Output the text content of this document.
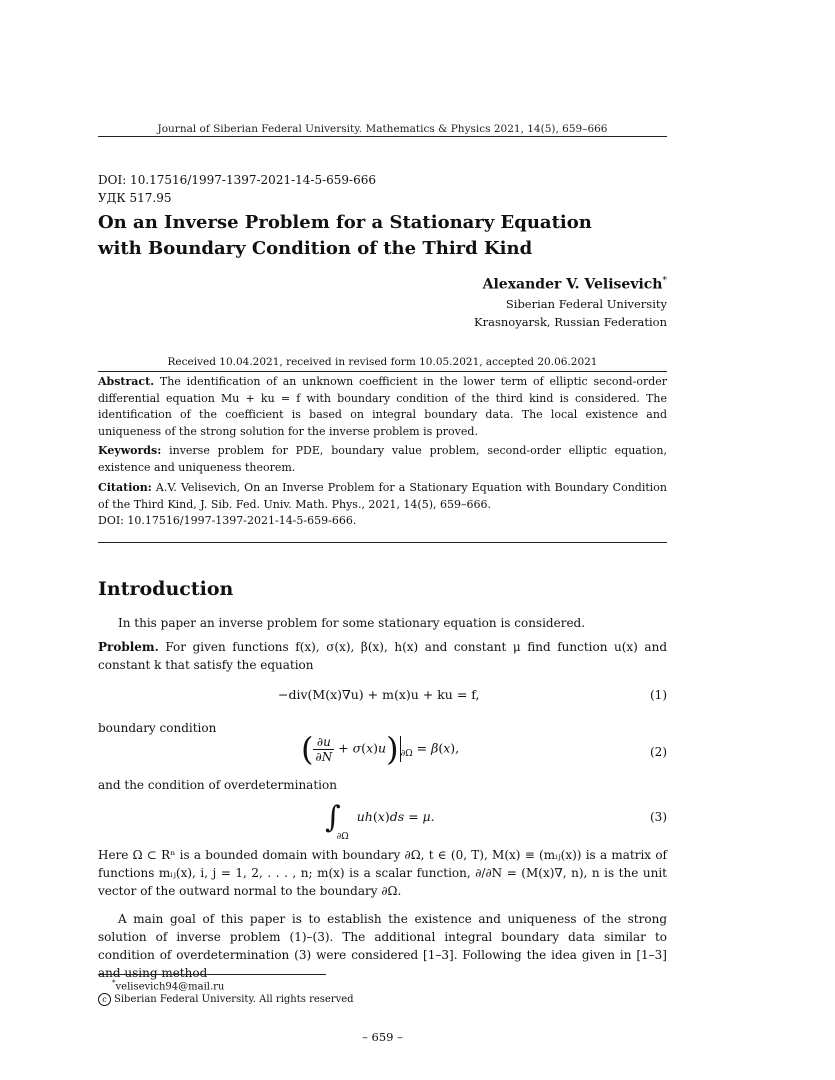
Journal of Siberian Federal University. Mathematics & Physics 2021, 14(5), 659–666
DOI: 10.17516/1997-1397-2021-14-5-659-666
УДК 517.95
On an Inverse Problem for a Stationary Equation
with Boundary Condition of the Third Kind
Alexander V. Velisevich*
Siberian Federal University
Krasnoyarsk, Russian Federation
Received 10.04.2021, received in revised form 10.05.2021, accepted 20.06.2021
Abstract. The identification of an unknown coefficient in the lower term of elliptic second-order differential equation Mu + ku = f with boundary condition of the third kind is considered. The identification of the coefficient is based on integral boundary data. The local existence and uniqueness of the strong solution for the inverse problem is proved.
Keywords: inverse problem for PDE, boundary value problem, second-order elliptic equation, existence and uniqueness theorem.
Citation: A.V. Velisevich, On an Inverse Problem for a Stationary Equation with Boundary Condition of the Third Kind, J. Sib. Fed. Univ. Math. Phys., 2021, 14(5), 659–666.
DOI: 10.17516/1997-1397-2021-14-5-659-666.
Introduction
In this paper an inverse problem for some stationary equation is considered.
Problem. For given functions f(x), σ(x), β(x), h(x) and constant μ find function u(x) and constant k that satisfy the equation
−div(M(x)∇u) + m(x)u + ku = f,	(1)
boundary condition
( $\frac{\partial u}{\partial N} + \sigma(x)u$) $_{\partial\Omega}$ = β(x),	(2)
and the condition of overdetermination
$\int_{\partial\Omega}$ uh(x)ds = μ.	(3)
Here Ω ⊂ Rⁿ is a bounded domain with boundary ∂Ω, t ∈ (0, T), M(x) ≡ (mᵢⱼ(x)) is a matrix of functions mᵢⱼ(x), i, j = 1, 2, . . . , n; m(x) is a scalar function, ∂/∂N = (M(x)∇, n), n is the unit vector of the outward normal to the boundary ∂Ω.
A main goal of this paper is to establish the existence and uniqueness of the strong solution of inverse problem (1)–(3). The additional integral boundary data similar to condition of overdetermination (3) were considered [1–3]. Following the idea given in [1–3] and using method
*velisevich94@mail.ru
c Siberian Federal University. All rights reserved
– 659 –
